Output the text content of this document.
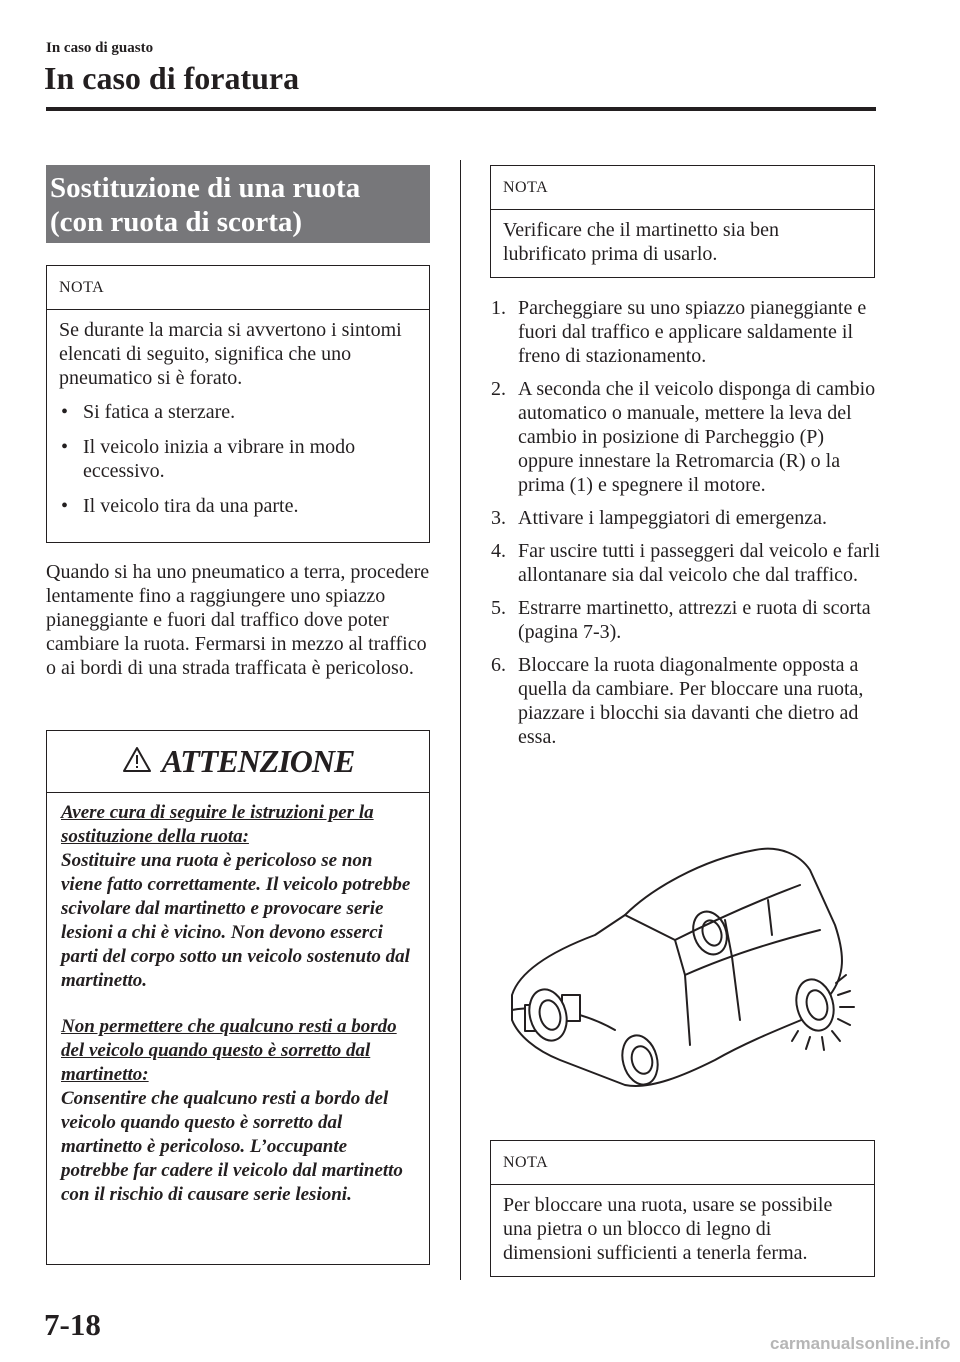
In caso di guasto
In caso di foratura
Sostituzione di una ruota
(con ruota di scorta)
NOTA

Se durante la marcia si avvertono i sintomi elencati di seguito, significa che uno pneumatico si è forato.

• Si fatica a sterzare.
• Il veicolo inizia a vibrare in modo eccessivo.
• Il veicolo tira da una parte.

Quando si ha uno pneumatico a terra, procedere lentamente fino a raggiungere uno spiazzo pianeggiante e fuori dal traffico dove poter cambiare la ruota. Fermarsi in mezzo al traffico o ai bordi di una strada trafficata è pericoloso.

ATTENZIONE
Avere cura di seguire le istruzioni per la sostituzione della ruota:
Sostituire una ruota è pericoloso se non viene fatto correttamente. Il veicolo potrebbe scivolare dal martinetto e provocare serie lesioni a chi è vicino. Non devono esserci parti del corpo sotto un veicolo sostenuto dal martinetto.
Non permettere che qualcuno resti a bordo del veicolo quando questo è sorretto dal martinetto:
Consentire che qualcuno resti a bordo del veicolo quando questo è sorretto dal martinetto è pericoloso. L’occupante potrebbe far cadere il veicolo dal martinetto con il rischio di causare serie lesioni.
NOTA

Verificare che il martinetto sia ben lubrificato prima di usarlo.

1. Parcheggiare su uno spiazzo pianeggiante e fuori dal traffico e applicare saldamente il freno di stazionamento.
2. A seconda che il veicolo disponga di cambio automatico o manuale, mettere la leva del cambio in posizione di Parcheggio (P) oppure innestare la Retromarcia (R) o la prima (1) e spegnere il motore.
3. Attivare i lampeggiatori di emergenza.
4. Far uscire tutti i passeggeri dal veicolo e farli allontanare sia dal veicolo che dal traffico.
5. Estrarre martinetto, attrezzi e ruota di scorta (pagina 7-3).
6. Bloccare la ruota diagonalmente opposta a quella da cambiare. Per bloccare una ruota, piazzare i blocchi sia davanti che dietro ad essa.
NOTA

Per bloccare una ruota, usare se possibile una pietra o un blocco di legno di dimensioni sufficienti a tenerla ferma.

7-18
carmanualsonline.info
